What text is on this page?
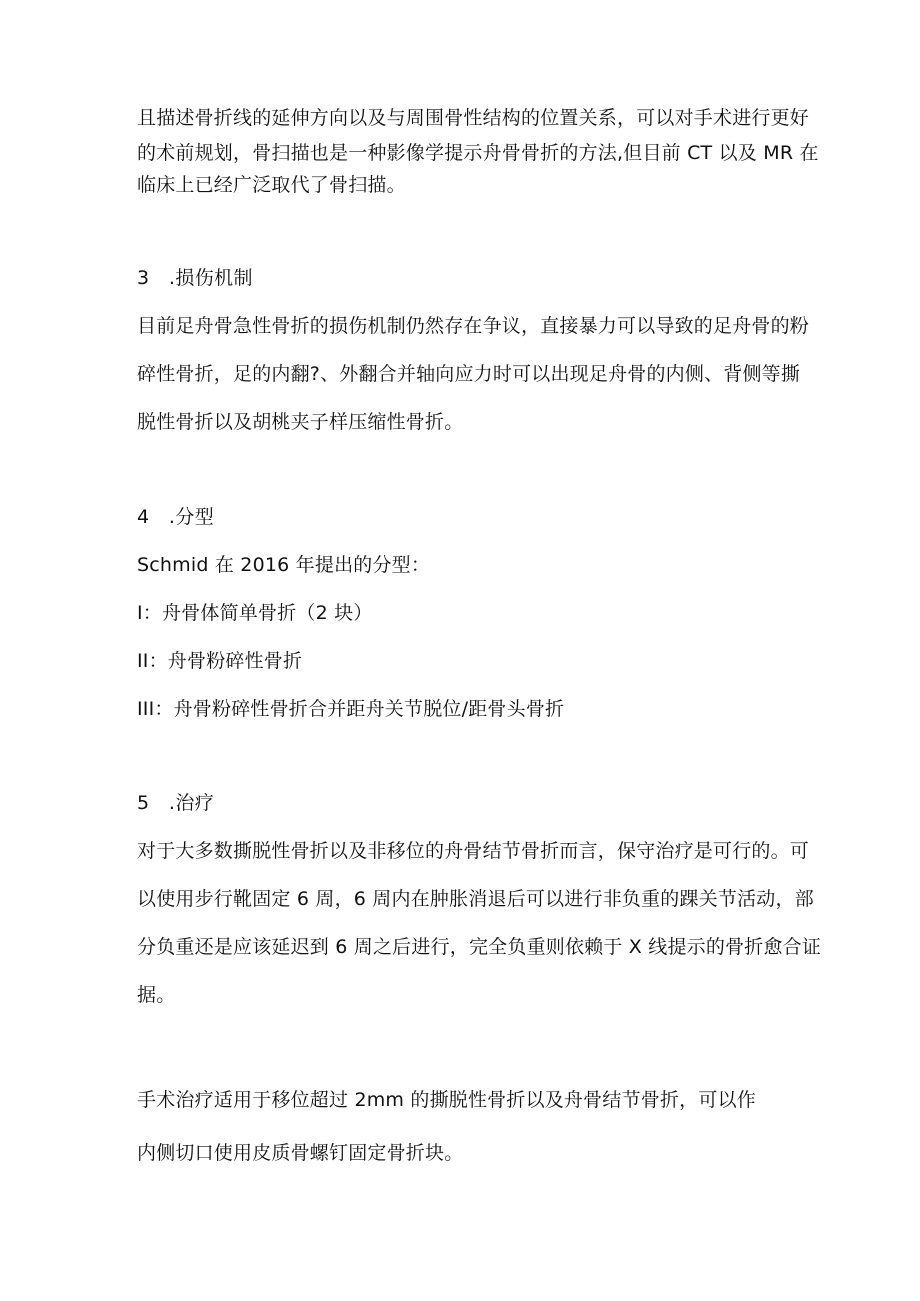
且描述骨折线的延伸方向以及与周围骨性结构的位置关系，可以对手术进行更好
的术前规划，骨扫描也是一种影像学提示舟骨骨折的方法,但目前 CT 以及 MR 在
临床上已经广泛取代了骨扫描。
3　.损伤机制
目前足舟骨急性骨折的损伤机制仍然存在争议，直接暴力可以导致的足舟骨的粉
碎性骨折，足的内翻?、外翻合并轴向应力时可以出现足舟骨的内侧、背侧等撕
脱性骨折以及胡桃夹子样压缩性骨折。
4　.分型
Schmid 在 2016 年提出的分型：
I：舟骨体简单骨折（2 块）
II：舟骨粉碎性骨折
III：舟骨粉碎性骨折合并距舟关节脱位/距骨头骨折
5　.治疗
对于大多数撕脱性骨折以及非移位的舟骨结节骨折而言，保守治疗是可行的。可
以使用步行靴固定 6 周，6 周内在肿胀消退后可以进行非负重的踝关节活动，部
分负重还是应该延迟到 6 周之后进行，完全负重则依赖于 X 线提示的骨折愈合证
据。
手术治疗适用于移位超过 2mm 的撕脱性骨折以及舟骨结节骨折，可以作
内侧切口使用皮质骨螺钉固定骨折块。
